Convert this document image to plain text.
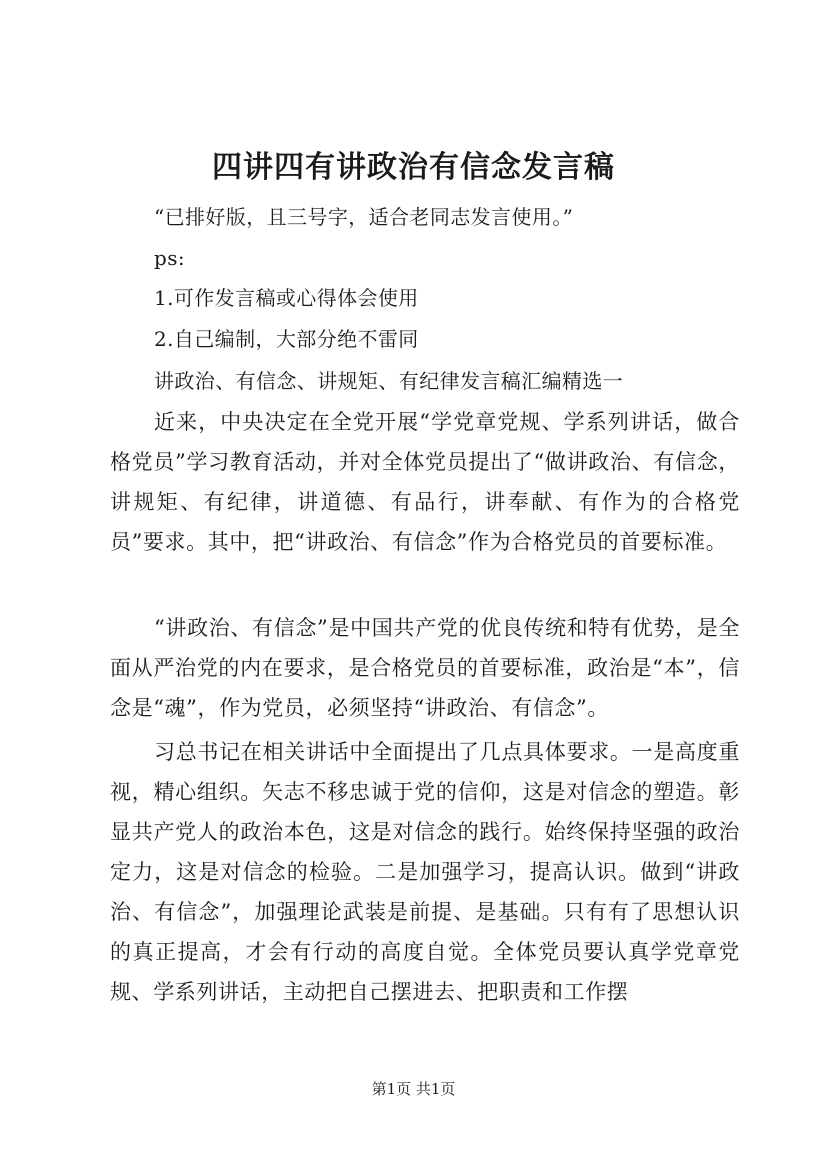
四讲四有讲政治有信念发言稿
“已排好版，且三号字，适合老同志发言使用。”
ps:
1.可作发言稿或心得体会使用
2.自己编制，大部分绝不雷同
讲政治、有信念、讲规矩、有纪律发言稿汇编精选一
近来，中央决定在全党开展“学党章党规、学系列讲话，做合格党员”学习教育活动，并对全体党员提出了“做讲政治、有信念，讲规矩、有纪律，讲道德、有品行，讲奉献、有作为的合格党员”要求。其中，把“讲政治、有信念”作为合格党员的首要标准。
“讲政治、有信念”是中国共产党的优良传统和特有优势，是全面从严治党的内在要求，是合格党员的首要标准，政治是“本”，信念是“魂”，作为党员，必须坚持“讲政治、有信念”。
习总书记在相关讲话中全面提出了几点具体要求。一是高度重视，精心组织。矢志不移忠诚于党的信仰，这是对信念的塑造。彰显共产党人的政治本色，这是对信念的践行。始终保持坚强的政治定力，这是对信念的检验。二是加强学习，提高认识。做到“讲政治、有信念”，加强理论武装是前提、是基础。只有有了思想认识的真正提高，才会有行动的高度自觉。全体党员要认真学党章党规、学系列讲话，主动把自己摆进去、把职责和工作摆
第1页 共1页
